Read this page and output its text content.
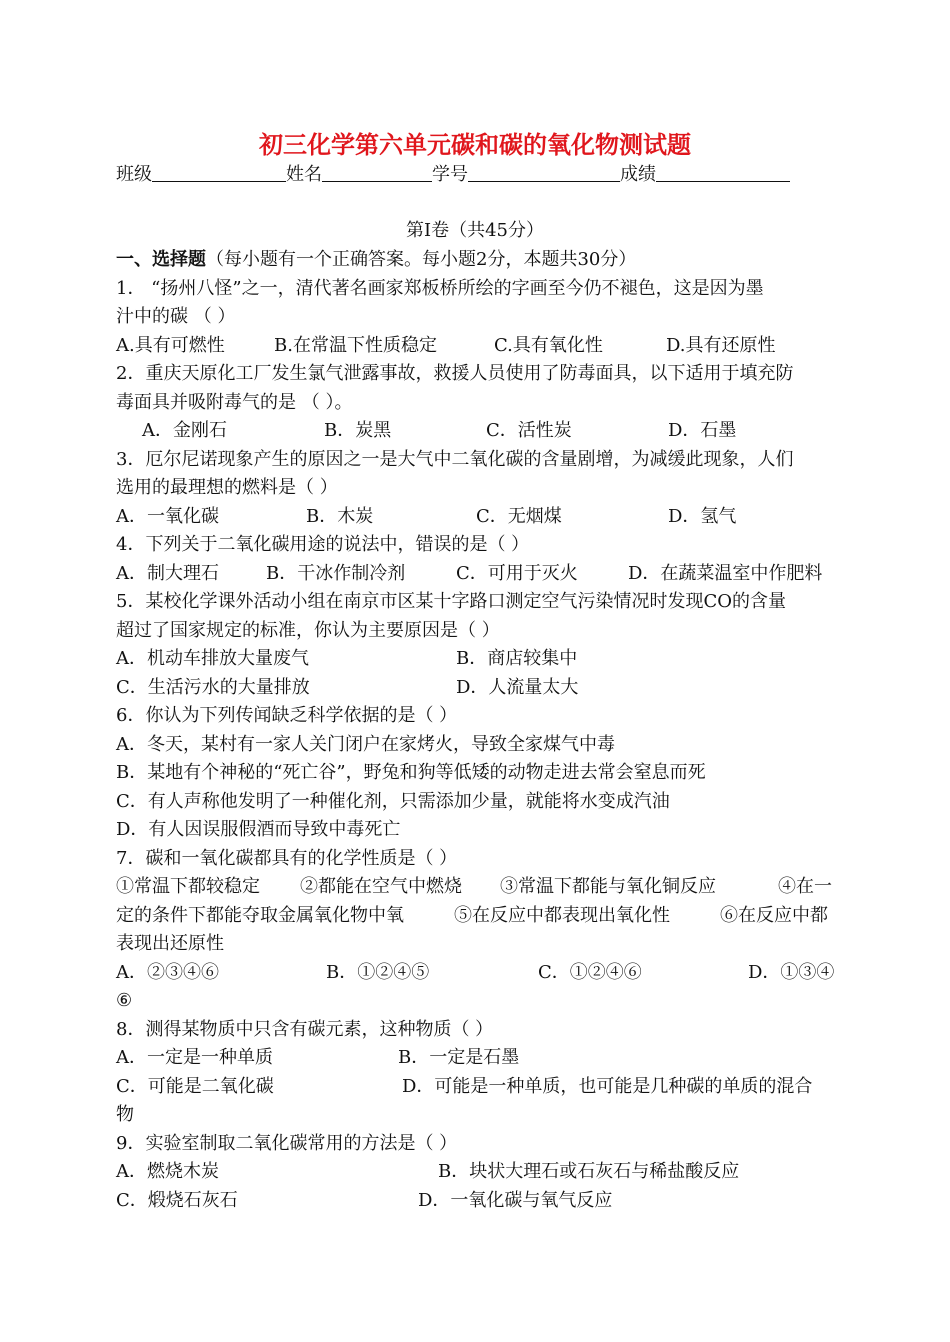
初三化学第六单元碳和碳的氧化物测试题
班级	姓名	学号	成绩
第Ⅰ卷（共45分）
一、选择题（每小题有一个正确答案。每小题2分，本题共30分）
1． “扬州八怪”之一，清代著名画家郑板桥所绘的字画至今仍不褪色，这是因为墨
汁中的碳 （ ）
A.具有可燃性	B.在常温下性质稳定	C.具有氧化性	D.具有还原性
2．重庆天原化工厂发生氯气泄露事故，救援人员使用了防毒面具，以下适用于填充防
毒面具并吸附毒气的是 （ ）。
A．金刚石	B．炭黑	C．活性炭	D．石墨
3．厄尔尼诺现象产生的原因之一是大气中二氧化碳的含量剧增，为减缓此现象，人们
选用的最理想的燃料是（ ）
A．一氧化碳	B．木炭	C．无烟煤	D．氢气
4．下列关于二氧化碳用途的说法中，错误的是（ ）
A．制大理石	B．干冰作制冷剂	C．可用于灭火	D．在蔬菜温室中作肥料
5．某校化学课外活动小组在南京市区某十字路口测定空气污染情况时发现CO的含量
超过了国家规定的标准，你认为主要原因是（ ）
A．机动车排放大量废气	B．商店较集中
C．生活污水的大量排放	D．人流量太大
6．你认为下列传闻缺乏科学依据的是（ ）
A．冬天，某村有一家人关门闭户在家烤火，导致全家煤气中毒
B．某地有个神秘的“死亡谷”，野兔和狗等低矮的动物走进去常会窒息而死
C．有人声称他发明了一种催化剂，只需添加少量，就能将水变成汽油
D．有人因误服假酒而导致中毒死亡
7．碳和一氧化碳都具有的化学性质是（ ）
①常温下都较稳定 ②都能在空气中燃烧 ③常温下都能与氧化铜反应	④在一
定的条件下都能夺取金属氧化物中氧	⑤在反应中都表现出氧化性	⑥在反应中都
表现出还原性
A．②③④⑥	B．①②④⑤	C．①②④⑥	D．①③④
⑥
8．测得某物质中只含有碳元素，这种物质（ ）
A．一定是一种单质	B．一定是石墨
C．可能是二氧化碳	D．可能是一种单质，也可能是几种碳的单质的混合
物
9．实验室制取二氧化碳常用的方法是（ ）
A．燃烧木炭	B．块状大理石或石灰石与稀盐酸反应
C．煅烧石灰石	D．一氧化碳与氧气反应
